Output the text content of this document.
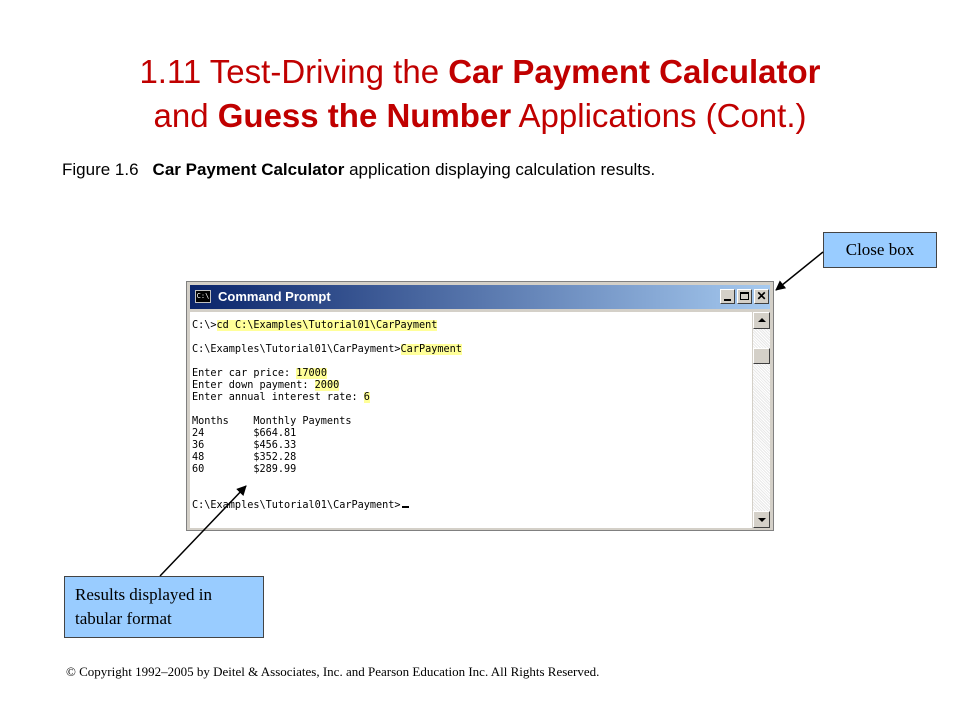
1.11 Test-Driving the Car Payment Calculator
and Guess the Number Applications (Cont.)
Figure 1.6 Car Payment Calculator application displaying calculation results.
Close box
Results displayed in
tabular format
C:\ Command Prompt	✕
C:\>cd C:\Examples\Tutorial01\CarPayment

C:\Examples\Tutorial01\CarPayment>CarPayment

Enter car price: 17000
Enter down payment: 2000
Enter annual interest rate: 6

Months    Monthly Payments
24        $664.81
36        $456.33
48        $352.28
60        $289.99

C:\Examples\Tutorial01\CarPayment>
© Copyright 1992–2005 by Deitel & Associates, Inc. and Pearson Education Inc. All Rights Reserved.
